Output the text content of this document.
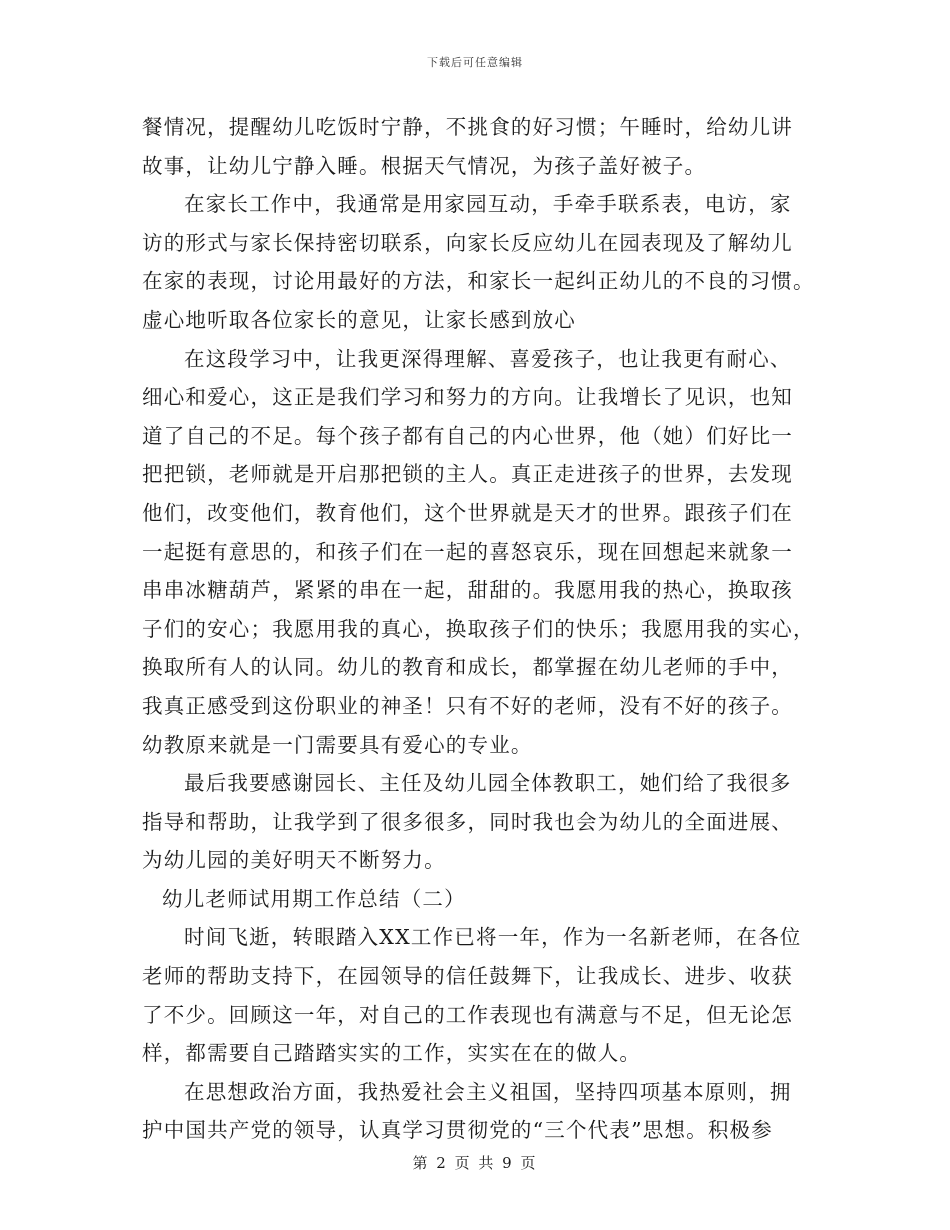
下载后可任意编辑
餐情况，提醒幼儿吃饭时宁静，不挑食的好习惯；午睡时，给幼儿讲
故事，让幼儿宁静入睡。根据天气情况，为孩子盖好被子。
在家长工作中，我通常是用家园互动，手牵手联系表，电访，家
访的形式与家长保持密切联系，向家长反应幼儿在园表现及了解幼儿
在家的表现，讨论用最好的方法，和家长一起纠正幼儿的不良的习惯。
虚心地听取各位家长的意见，让家长感到放心
在这段学习中，让我更深得理解、喜爱孩子，也让我更有耐心、
细心和爱心，这正是我们学习和努力的方向。让我增长了见识，也知
道了自己的不足。每个孩子都有自己的内心世界，他（她）们好比一
把把锁，老师就是开启那把锁的主人。真正走进孩子的世界，去发现
他们，改变他们，教育他们，这个世界就是天才的世界。跟孩子们在
一起挺有意思的，和孩子们在一起的喜怒哀乐，现在回想起来就象一
串串冰糖葫芦，紧紧的串在一起，甜甜的。我愿用我的热心，换取孩
子们的安心；我愿用我的真心，换取孩子们的快乐；我愿用我的实心，
换取所有人的认同。幼儿的教育和成长，都掌握在幼儿老师的手中，
我真正感受到这份职业的神圣！只有不好的老师，没有不好的孩子。
幼教原来就是一门需要具有爱心的专业。
最后我要感谢园长、主任及幼儿园全体教职工，她们给了我很多
指导和帮助，让我学到了很多很多，同时我也会为幼儿的全面进展、
为幼儿园的美好明天不断努力。
幼儿老师试用期工作总结（二）
时间飞逝，转眼踏入XX工作已将一年，作为一名新老师，在各位
老师的帮助支持下，在园领导的信任鼓舞下，让我成长、进步、收获
了不少。回顾这一年，对自己的工作表现也有满意与不足，但无论怎
样，都需要自己踏踏实实的工作，实实在在的做人。
在思想政治方面，我热爱社会主义祖国，坚持四项基本原则，拥
护中国共产党的领导，认真学习贯彻党的“三个代表”思想。积极参
第 2 页 共 9 页
